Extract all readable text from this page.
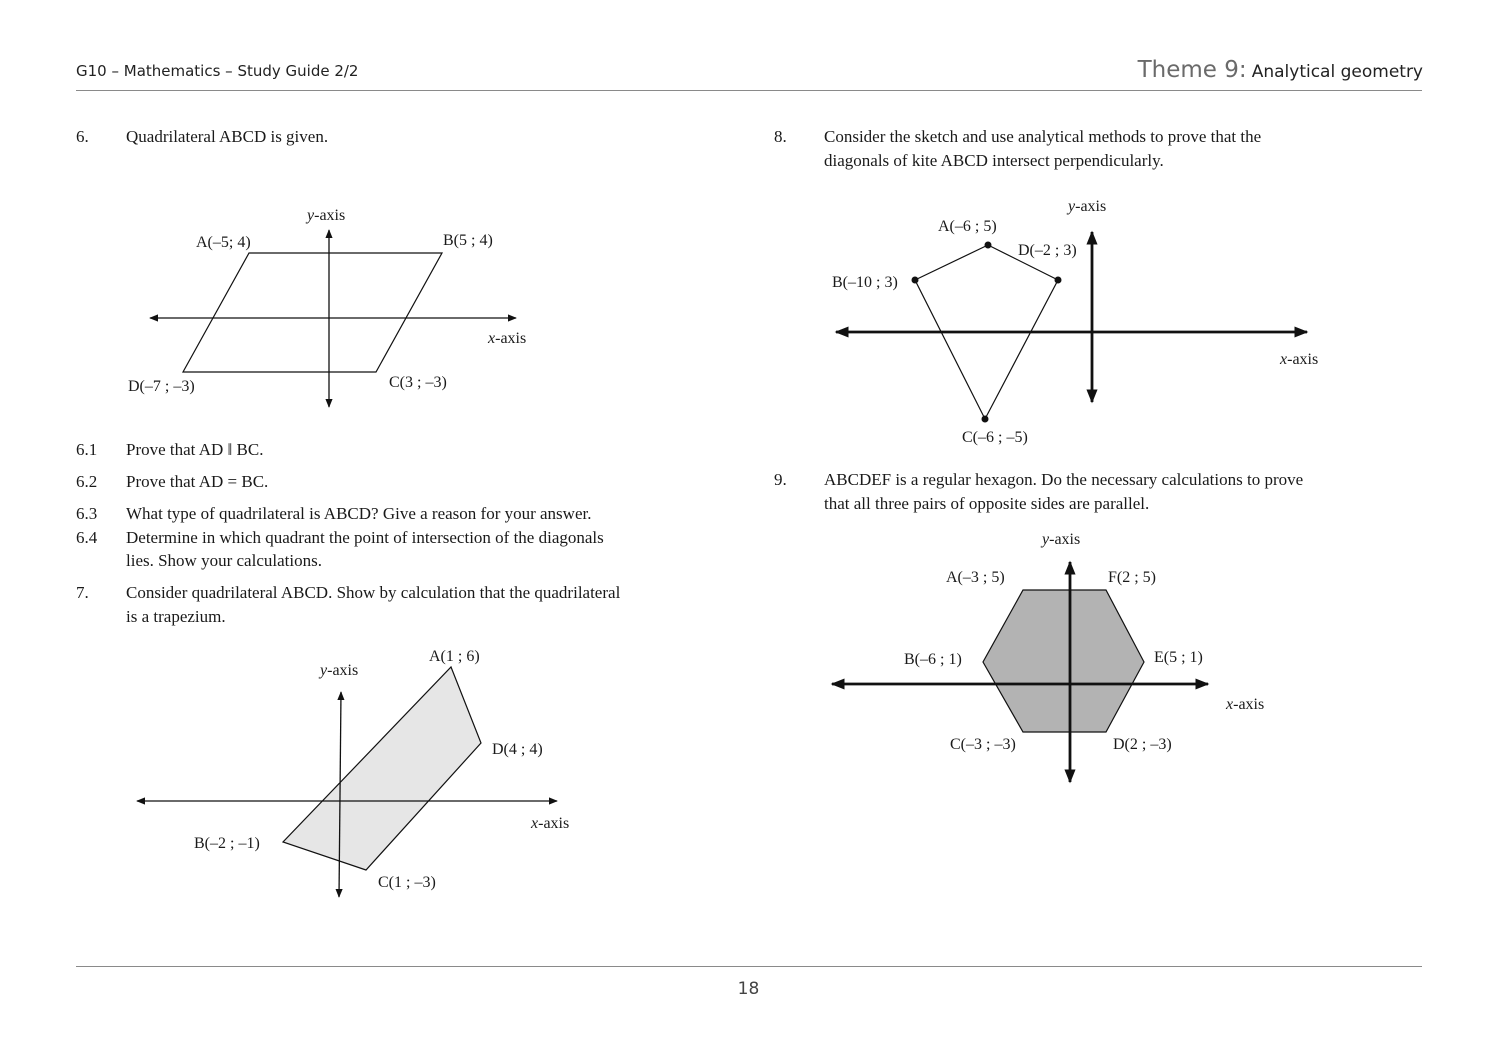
G10 – Mathematics – Study Guide 2/2	Theme 9: Analytical geometry
6. Quadrilateral ABCD is given.
y-axis
x-axis
A(–5; 4)	B(5 ; 4)
C(3 ; –3)
D(–7 ; –3)
6.1 Prove that AD ǁ BC.
6.2 Prove that AD = BC.
6.3 What type of quadrilateral is ABCD? Give a reason for your answer.
6.4 Determine in which quadrant the point of intersection of the diagonals
lies. Show your calculations.
7. Consider quadrilateral ABCD. Show by calculation that the quadrilateral
is a trapezium.
y-axis
x-axis
A(1 ; 6)
B(–2 ; –1)
C(1 ; –3)
D(4 ; 4)
8. Consider the sketch and use analytical methods to prove that the
diagonals of kite ABCD intersect perpendicularly.
y-axis
x-axis
A(–6 ; 5)
B(–10 ; 3)
C(–6 ; –5)
D(–2 ; 3)
9. ABCDEF is a regular hexagon. Do the necessary calculations to prove
that all three pairs of opposite sides are parallel.
y-axis
x-axis
A(–3 ; 5)
B(–6 ; 1)
C(–3 ; –3)	D(2 ; –3)
E(5 ; 1)
F(2 ; 5)
18
